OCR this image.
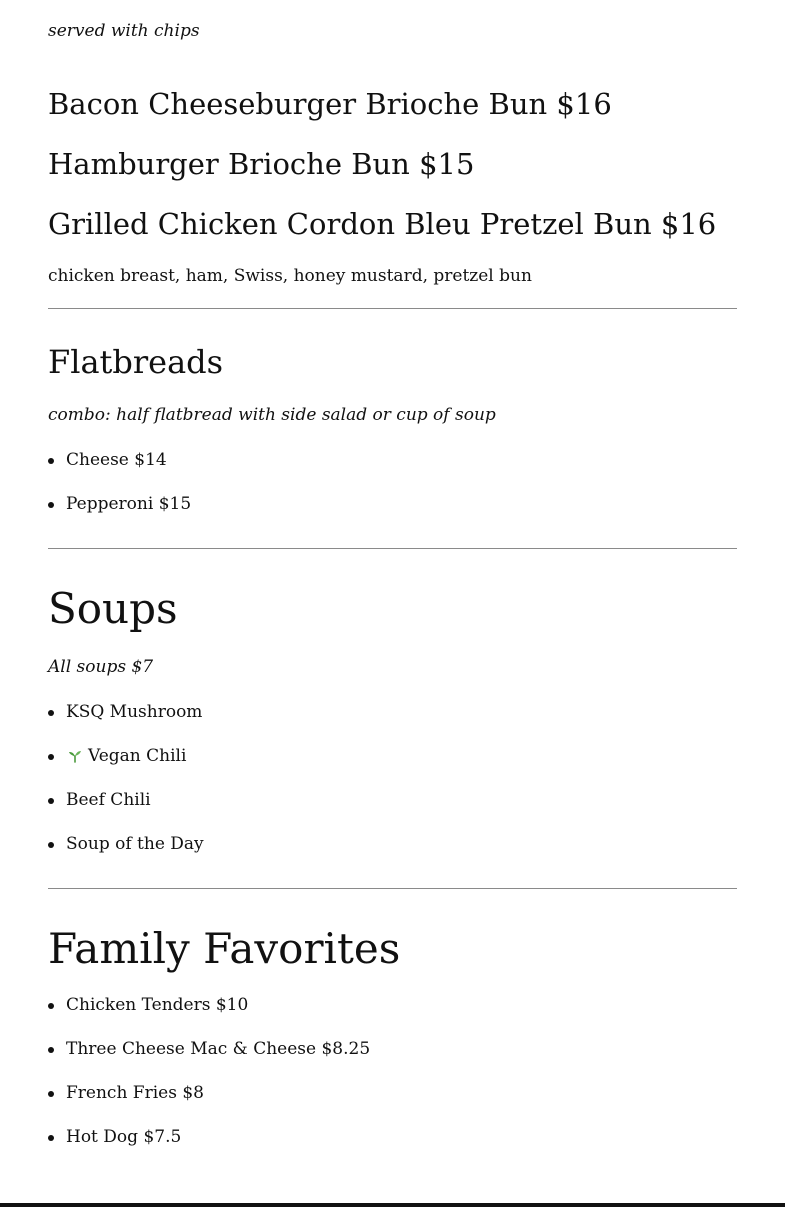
served with chips

Bacon Cheeseburger Brioche Bun $16
Hamburger Brioche Bun $15
Grilled Chicken Cordon Bleu Pretzel Bun $16

chicken breast, ham, Swiss, honey mustard, pretzel bun

Flatbreads

combo: half flatbread with side salad or cup of soup

Cheese $14
Pepperoni $15
Soups

All soups $7

KSQ Mushroom
Vegan Chili
Beef Chili
Soup of the Day
Family Favorites
Chicken Tenders $10
Three Cheese Mac & Cheese $8.25
French Fries $8
Hot Dog $7.5
